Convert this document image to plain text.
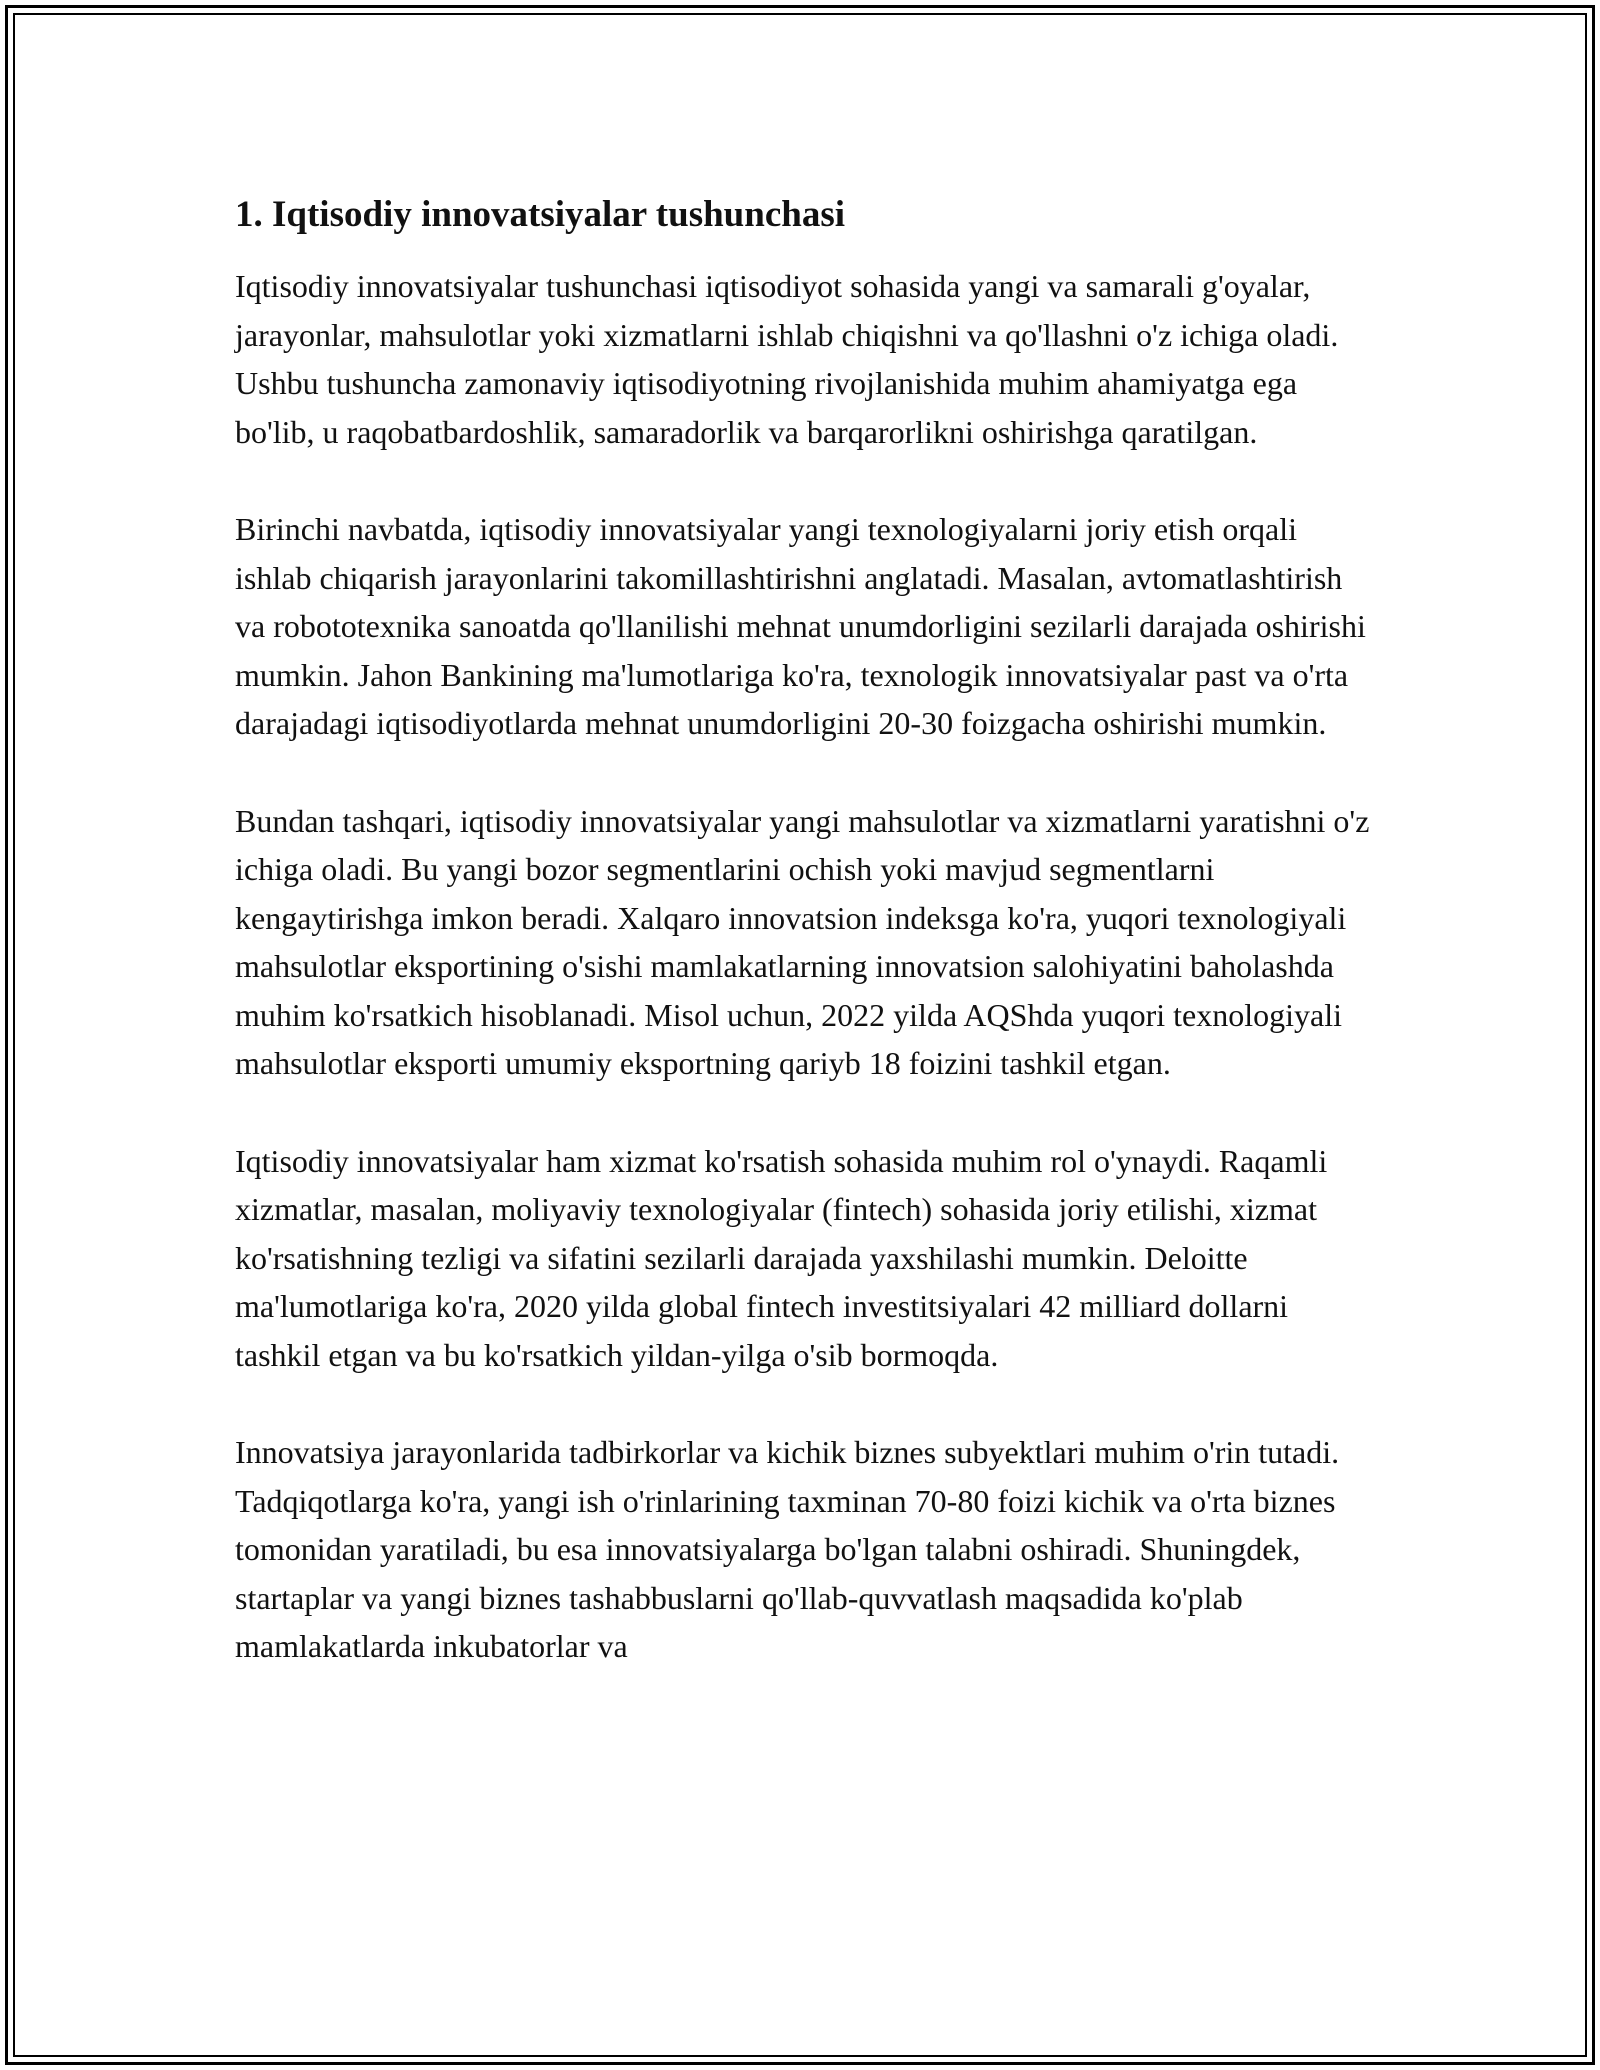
1. Iqtisodiy innovatsiyalar tushunchasi

Iqtisodiy innovatsiyalar tushunchasi iqtisodiyot sohasida yangi va samarali g'oyalar, jarayonlar, mahsulotlar yoki xizmatlarni ishlab chiqishni va qo'llashni o'z ichiga oladi. Ushbu tushuncha zamonaviy iqtisodiyotning rivojlanishida muhim ahamiyatga ega bo'lib, u raqobatbardoshlik, samaradorlik va barqarorlikni oshirishga qaratilgan.

Birinchi navbatda, iqtisodiy innovatsiyalar yangi texnologiyalarni joriy etish orqali ishlab chiqarish jarayonlarini takomillashtirishni anglatadi. Masalan, avtomatlashtirish va robototexnika sanoatda qo'llanilishi mehnat unumdorligini sezilarli darajada oshirishi mumkin. Jahon Bankining ma'lumotlariga ko'ra, texnologik innovatsiyalar past va o'rta darajadagi iqtisodiyotlarda mehnat unumdorligini 20-30 foizgacha oshirishi mumkin.

Bundan tashqari, iqtisodiy innovatsiyalar yangi mahsulotlar va xizmatlarni yaratishni o'z ichiga oladi. Bu yangi bozor segmentlarini ochish yoki mavjud segmentlarni kengaytirishga imkon beradi. Xalqaro innovatsion indeksga ko'ra, yuqori texnologiyali mahsulotlar eksportining o'sishi mamlakatlarning innovatsion salohiyatini baholashda muhim ko'rsatkich hisoblanadi. Misol uchun, 2022 yilda AQShda yuqori texnologiyali mahsulotlar eksporti umumiy eksportning qariyb 18 foizini tashkil etgan.

Iqtisodiy innovatsiyalar ham xizmat ko'rsatish sohasida muhim rol o'ynaydi. Raqamli xizmatlar, masalan, moliyaviy texnologiyalar (fintech) sohasida joriy etilishi, xizmat ko'rsatishning tezligi va sifatini sezilarli darajada yaxshilashi mumkin. Deloitte ma'lumotlariga ko'ra, 2020 yilda global fintech investitsiyalari 42 milliard dollarni tashkil etgan va bu ko'rsatkich yildan-yilga o'sib bormoqda.

Innovatsiya jarayonlarida tadbirkorlar va kichik biznes subyektlari muhim o'rin tutadi. Tadqiqotlarga ko'ra, yangi ish o'rinlarining taxminan 70-80 foizi kichik va o'rta biznes tomonidan yaratiladi, bu esa innovatsiyalarga bo'lgan talabni oshiradi. Shuningdek, startaplar va yangi biznes tashabbuslarni qo'llab-quvvatlash maqsadida ko'plab mamlakatlarda inkubatorlar va
